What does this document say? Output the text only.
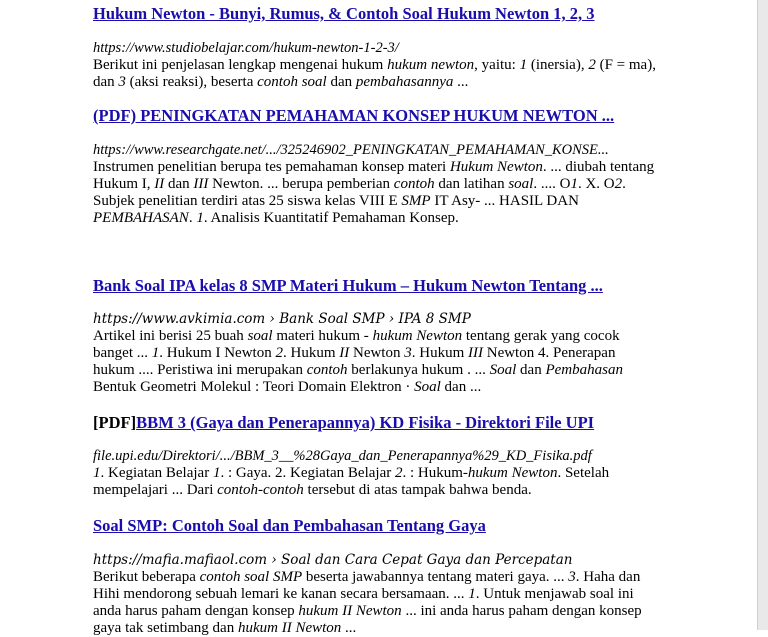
Hukum Newton - Bunyi, Rumus, & Contoh Soal Hukum Newton 1, 2, 3
https://www.studiobelajar.com/hukum-newton-1-2-3/
Berikut ini penjelasan lengkap mengenai hukum hukum newton, yaitu: 1 (inersia), 2 (F = ma),
dan 3 (aksi reaksi), beserta contoh soal dan pembahasannya ...
(PDF) PENINGKATAN PEMAHAMAN KONSEP HUKUM NEWTON ...
https://www.researchgate.net/.../325246902_PENINGKATAN_PEMAHAMAN_KONSE...
Instrumen penelitian berupa tes pemahaman konsep materi Hukum Newton. ... diubah tentang
Hukum I, II dan III Newton. ... berupa pemberian contoh dan latihan soal. .... O1. X. O2.
Subjek penelitian terdiri atas 25 siswa kelas VIII E SMP IT Asy- ... HASIL DAN
PEMBAHASAN. 1. Analisis Kuantitatif Pemahaman Konsep.
Bank Soal IPA kelas 8 SMP Materi Hukum – Hukum Newton Tentang ...
https://www.avkimia.com › Bank Soal SMP › IPA 8 SMP
Artikel ini berisi 25 buah soal materi hukum - hukum Newton tentang gerak yang cocok
banget ... 1. Hukum I Newton 2. Hukum II Newton 3. Hukum III Newton 4. Penerapan
hukum .... Peristiwa ini merupakan contoh berlakunya hukum . ... Soal dan Pembahasan
Bentuk Geometri Molekul : Teori Domain Elektron · Soal dan ...
[PDF]BBM 3 (Gaya dan Penerapannya) KD Fisika - Direktori File UPI
file.upi.edu/Direktori/.../BBM_3__%28Gaya_dan_Penerapannya%29_KD_Fisika.pdf
1. Kegiatan Belajar 1. : Gaya. 2. Kegiatan Belajar 2. : Hukum-hukum Newton. Setelah
mempelajari ... Dari contoh-contoh tersebut di atas tampak bahwa benda.
Soal SMP: Contoh Soal dan Pembahasan Tentang Gaya
https://mafia.mafiaol.com › Soal dan Cara Cepat Gaya dan Percepatan
Berikut beberapa contoh soal SMP beserta jawabannya tentang materi gaya. ... 3. Haha dan
Hihi mendorong sebuah lemari ke kanan secara bersamaan. ... 1. Untuk menjawab soal ini
anda harus paham dengan konsep hukum II Newton ... ini anda harus paham dengan konsep
gaya tak setimbang dan hukum II Newton ...
